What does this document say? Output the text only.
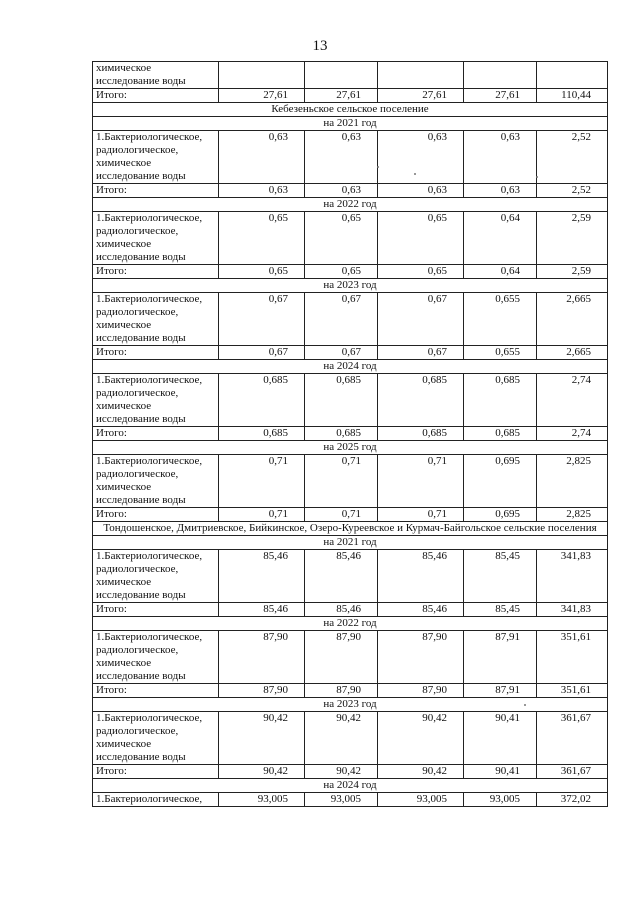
13
химическое исследование воды					
Итого:	27,61	27,61	27,61	27,61	110,44
Кебезеньское сельское поселение					
на 2021 год					
1.Бактериологическое, радиологическое, химическое исследование воды	0,63	0,63	0,63	0,63	2,52
Итого:	0,63	0,63	0,63	0,63	2,52
на 2022 год					
1.Бактериологическое, радиологическое, химическое исследование воды	0,65	0,65	0,65	0,64	2,59
Итого:	0,65	0,65	0,65	0,64	2,59
на 2023 год					
1.Бактериологическое, радиологическое, химическое исследование воды	0,67	0,67	0,67	0,655	2,665
Итого:	0,67	0,67	0,67	0,655	2,665
на 2024 год					
1.Бактериологическое, радиологическое, химическое исследование воды	0,685	0,685	0,685	0,685	2,74
Итого:	0,685	0,685	0,685	0,685	2,74
на 2025 год					
1.Бактериологическое, радиологическое, химическое исследование воды	0,71	0,71	0,71	0,695	2,825
Итого:	0,71	0,71	0,71	0,695	2,825
Тондошенское, Дмитриевское, Бийкинское, Озеро-Куреевское и Курмач-Байгольское сельские поселения					
на 2021 год					
1.Бактериологическое, радиологическое, химическое исследование воды	85,46	85,46	85,46	85,45	341,83
Итого:	85,46	85,46	85,46	85,45	341,83
на 2022 год					
1.Бактериологическое, радиологическое, химическое исследование воды	87,90	87,90	87,90	87,91	351,61
Итого:	87,90	87,90	87,90	87,91	351,61
на 2023 год					
1.Бактериологическое, радиологическое, химическое исследование воды	90,42	90,42	90,42	90,41	361,67
Итого:	90,42	90,42	90,42	90,41	361,67
на 2024 год					
1.Бактериологическое,	93,005	93,005	93,005	93,005	372,02
